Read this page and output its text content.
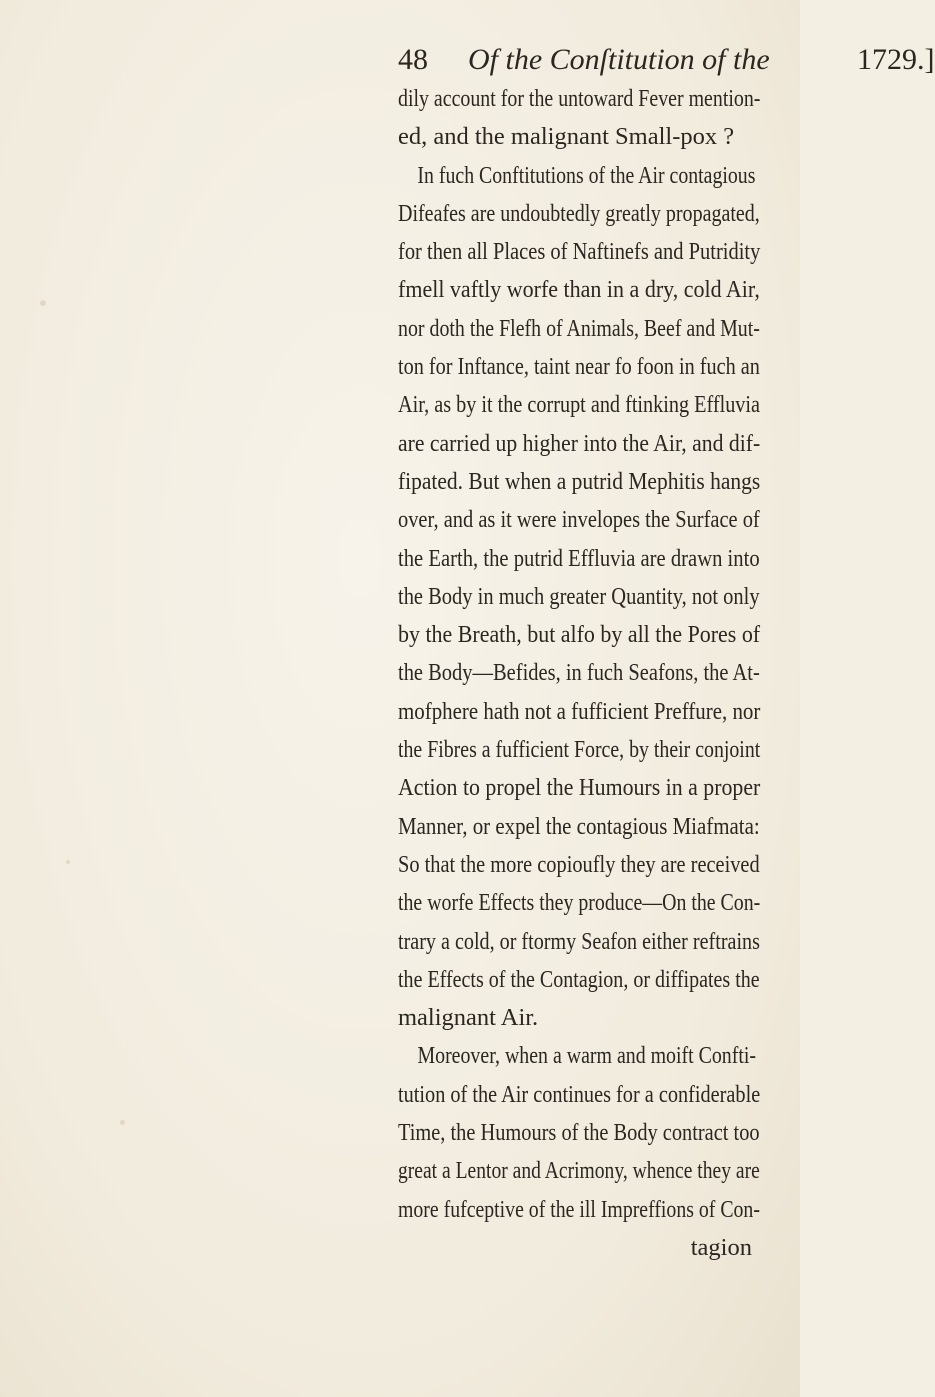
48 Of the Conſtitution of the	1729.]
dily account for the untoward Fever mention-
ed, and the malignant Small-pox ?
In fuch Conftitutions of the Air contagious
Difeafes are undoubtedly greatly propagated,
for then all Places of Naftinefs and Putridity
fmell vaftly worfe than in a dry, cold Air,
nor doth the Flefh of Animals, Beef and Mut-
ton for Inftance, taint near fo foon in fuch an
Air, as by it the corrupt and ftinking Effluvia
are carried up higher into the Air, and dif-
fipated. But when a putrid Mephitis hangs
over, and as it were invelopes the Surface of
the Earth, the putrid Effluvia are drawn into
the Body in much greater Quantity, not only
by the Breath, but alfo by all the Pores of
the Body—Befides, in fuch Seafons, the At-
mofphere hath not a fufficient Preffure, nor
the Fibres a fufficient Force, by their conjoint
Action to propel the Humours in a proper
Manner, or expel the contagious Miafmata:
So that the more copioufly they are received
the worfe Effects they produce—On the Con-
trary a cold, or ftormy Seafon either reftrains
the Effects of the Contagion, or diffipates the
malignant Air.
Moreover, when a warm and moift Confti-
tution of the Air continues for a confiderable
Time, the Humours of the Body contract too
great a Lentor and Acrimony, whence they are
more fufceptive of the ill Impreffions of Con-
tagion
